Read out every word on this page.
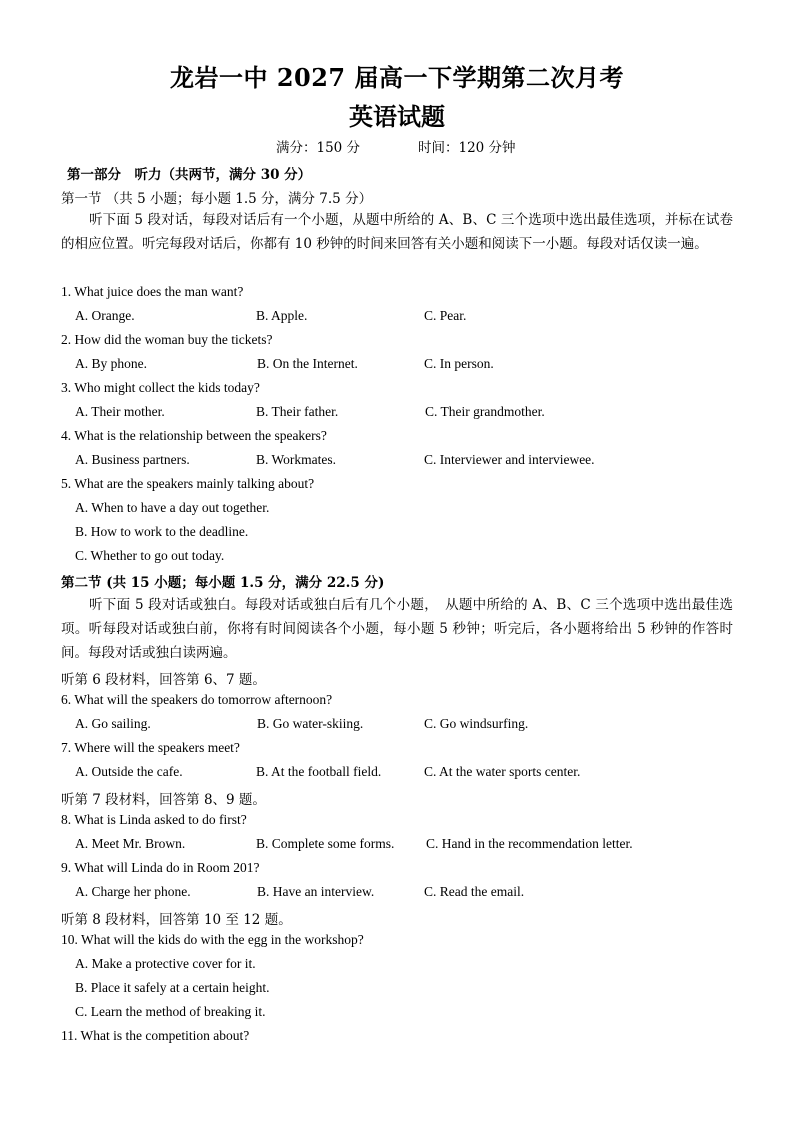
龙岩一中 2027 届高一下学期第二次月考
英语试题
满分：150 分	时间：120 分钟
第一部分　听力（共两节，满分 30 分）
第一节 （共 5 小题；每小题 1.5 分，满分 7.5 分）
听下面 5 段对话，每段对话后有一个小题，从题中所给的 A、B、C 三个选项中选出最佳选项，并标在试卷的相应位置。听完每段对话后，你都有 10 秒钟的时间来回答有关小题和阅读下一小题。每段对话仅读一遍。
1. What juice does the man want?
A. Orange.	B. Apple.	C. Pear.
2. How did the woman buy the tickets?
A. By phone.	B. On the Internet.	C. In person.
3. Who might collect the kids today?
A. Their mother.	B. Their father.	C. Their grandmother.
4. What is the relationship between the speakers?
A. Business partners.	B. Workmates.	C. Interviewer and interviewee.
5. What are the speakers mainly talking about?
A. When to have a day out together.
B. How to work to the deadline.
C. Whether to go out today.
第二节 (共 15 小题；每小题 1.5 分，满分 22.5 分)
听下面 5 段对话或独白。每段对话或独白后有几个小题，　从题中所给的 A、B、C 三个选项中选出最佳选项。听每段对话或独白前，你将有时间阅读各个小题，每小题 5 秒钟；听完后，各小题将给出 5 秒钟的作答时间。每段对话或独白读两遍。
听第 6 段材料，回答第 6、7 题。
6. What will the speakers do tomorrow afternoon?
A. Go sailing.	B. Go water-skiing.	C. Go windsurfing.
7. Where will the speakers meet?
A. Outside the cafe.	B. At the football field.	C. At the water sports center.
听第 7 段材料，回答第 8、9 题。
8. What is Linda asked to do first?
A. Meet Mr. Brown.	B. Complete some forms. C. Hand in the recommendation letter.
9. What will Linda do in Room 201?
A. Charge her phone.	B. Have an interview.	C. Read the email.
听第 8 段材料，回答第 10 至 12 题。
10. What will the kids do with the egg in the workshop?
A. Make a protective cover for it.
B. Place it safely at a certain height.
C. Learn the method of breaking it.
11. What is the competition about?
